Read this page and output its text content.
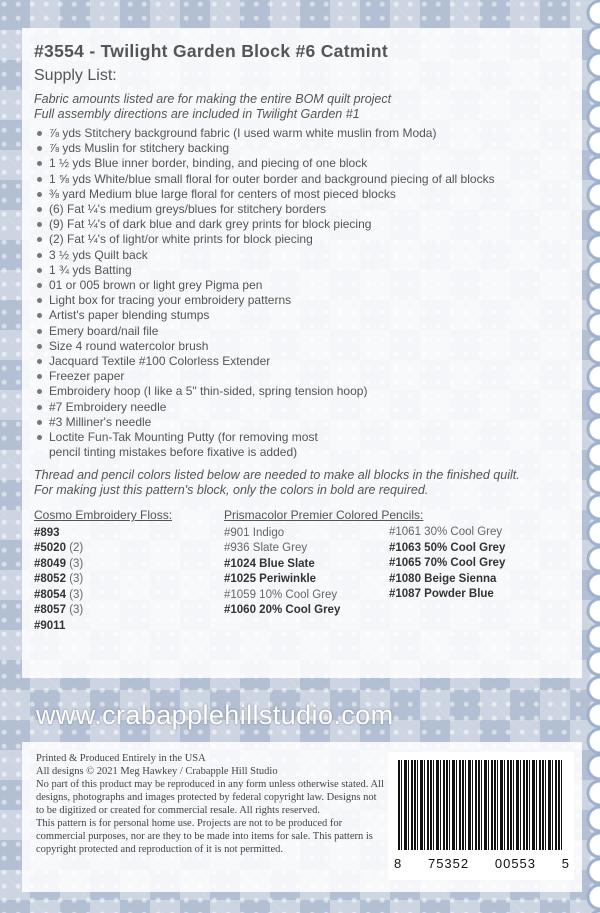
#3554 - Twilight Garden Block #6 Catmint
Supply List:
Fabric amounts listed are for making the entire BOM quilt project
Full assembly directions are included in Twilight Garden #1
⅞ yds Stitchery background fabric (I used warm white muslin from Moda)
⅞ yds Muslin for stitchery backing
1 ½ yds Blue inner border, binding, and piecing of one block
1 ⅝ yds White/blue small floral for outer border and background piecing of all blocks
⅜ yard Medium blue large floral for centers of most pieced blocks
(6) Fat ¼'s medium greys/blues for stitchery borders
(9) Fat ¼'s of dark blue and dark grey prints for block piecing
(2) Fat ¼'s of light/or white prints for block piecing
3 ½ yds Quilt back
1 ¾ yds Batting
01 or 005 brown or light grey Pigma pen
Light box for tracing your embroidery patterns
Artist's paper blending stumps
Emery board/nail file
Size 4 round watercolor brush
Jacquard Textile #100 Colorless Extender
Freezer paper
Embroidery hoop (I like a 5" thin-sided, spring tension hoop)
#7 Embroidery needle
#3 Milliner's needle
Loctite Fun-Tak Mounting Putty (for removing most
pencil tinting mistakes before fixative is added)
Thread and pencil colors listed below are needed to make all blocks in the finished quilt.
For making just this pattern's block, only the colors in bold are required.
Cosmo Embroidery Floss:
#893
#5020 (2)
#8049 (3)
#8052 (3)
#8054 (3)
#8057 (3)
#9011
Prismacolor Premier Colored Pencils:
#901 Indigo
#936 Slate Grey
#1024 Blue Slate
#1025 Periwinkle
#1059 10% Cool Grey
#1060 20% Cool Grey
#1061 30% Cool Grey
#1063 50% Cool Grey
#1065 70% Cool Grey
#1080 Beige Sienna
#1087 Powder Blue
www.crabapplehillstudio.com

Printed & Produced Entirely in the USA

All designs © 2021 Meg Hawkey / Crabapple Hill Studio

No part of this product may be reproduced in any form unless otherwise stated. All designs, photographs and images protected by federal copyright law. Designs not to be digitized or created for commercial resale. All rights reserved.

This pattern is for personal home use. Projects are not to be produced for commercial purposes, nor are they to be made into items for sale. This pattern is copyright protected and reproduction of it is not permitted.

8 75352 00553 5
